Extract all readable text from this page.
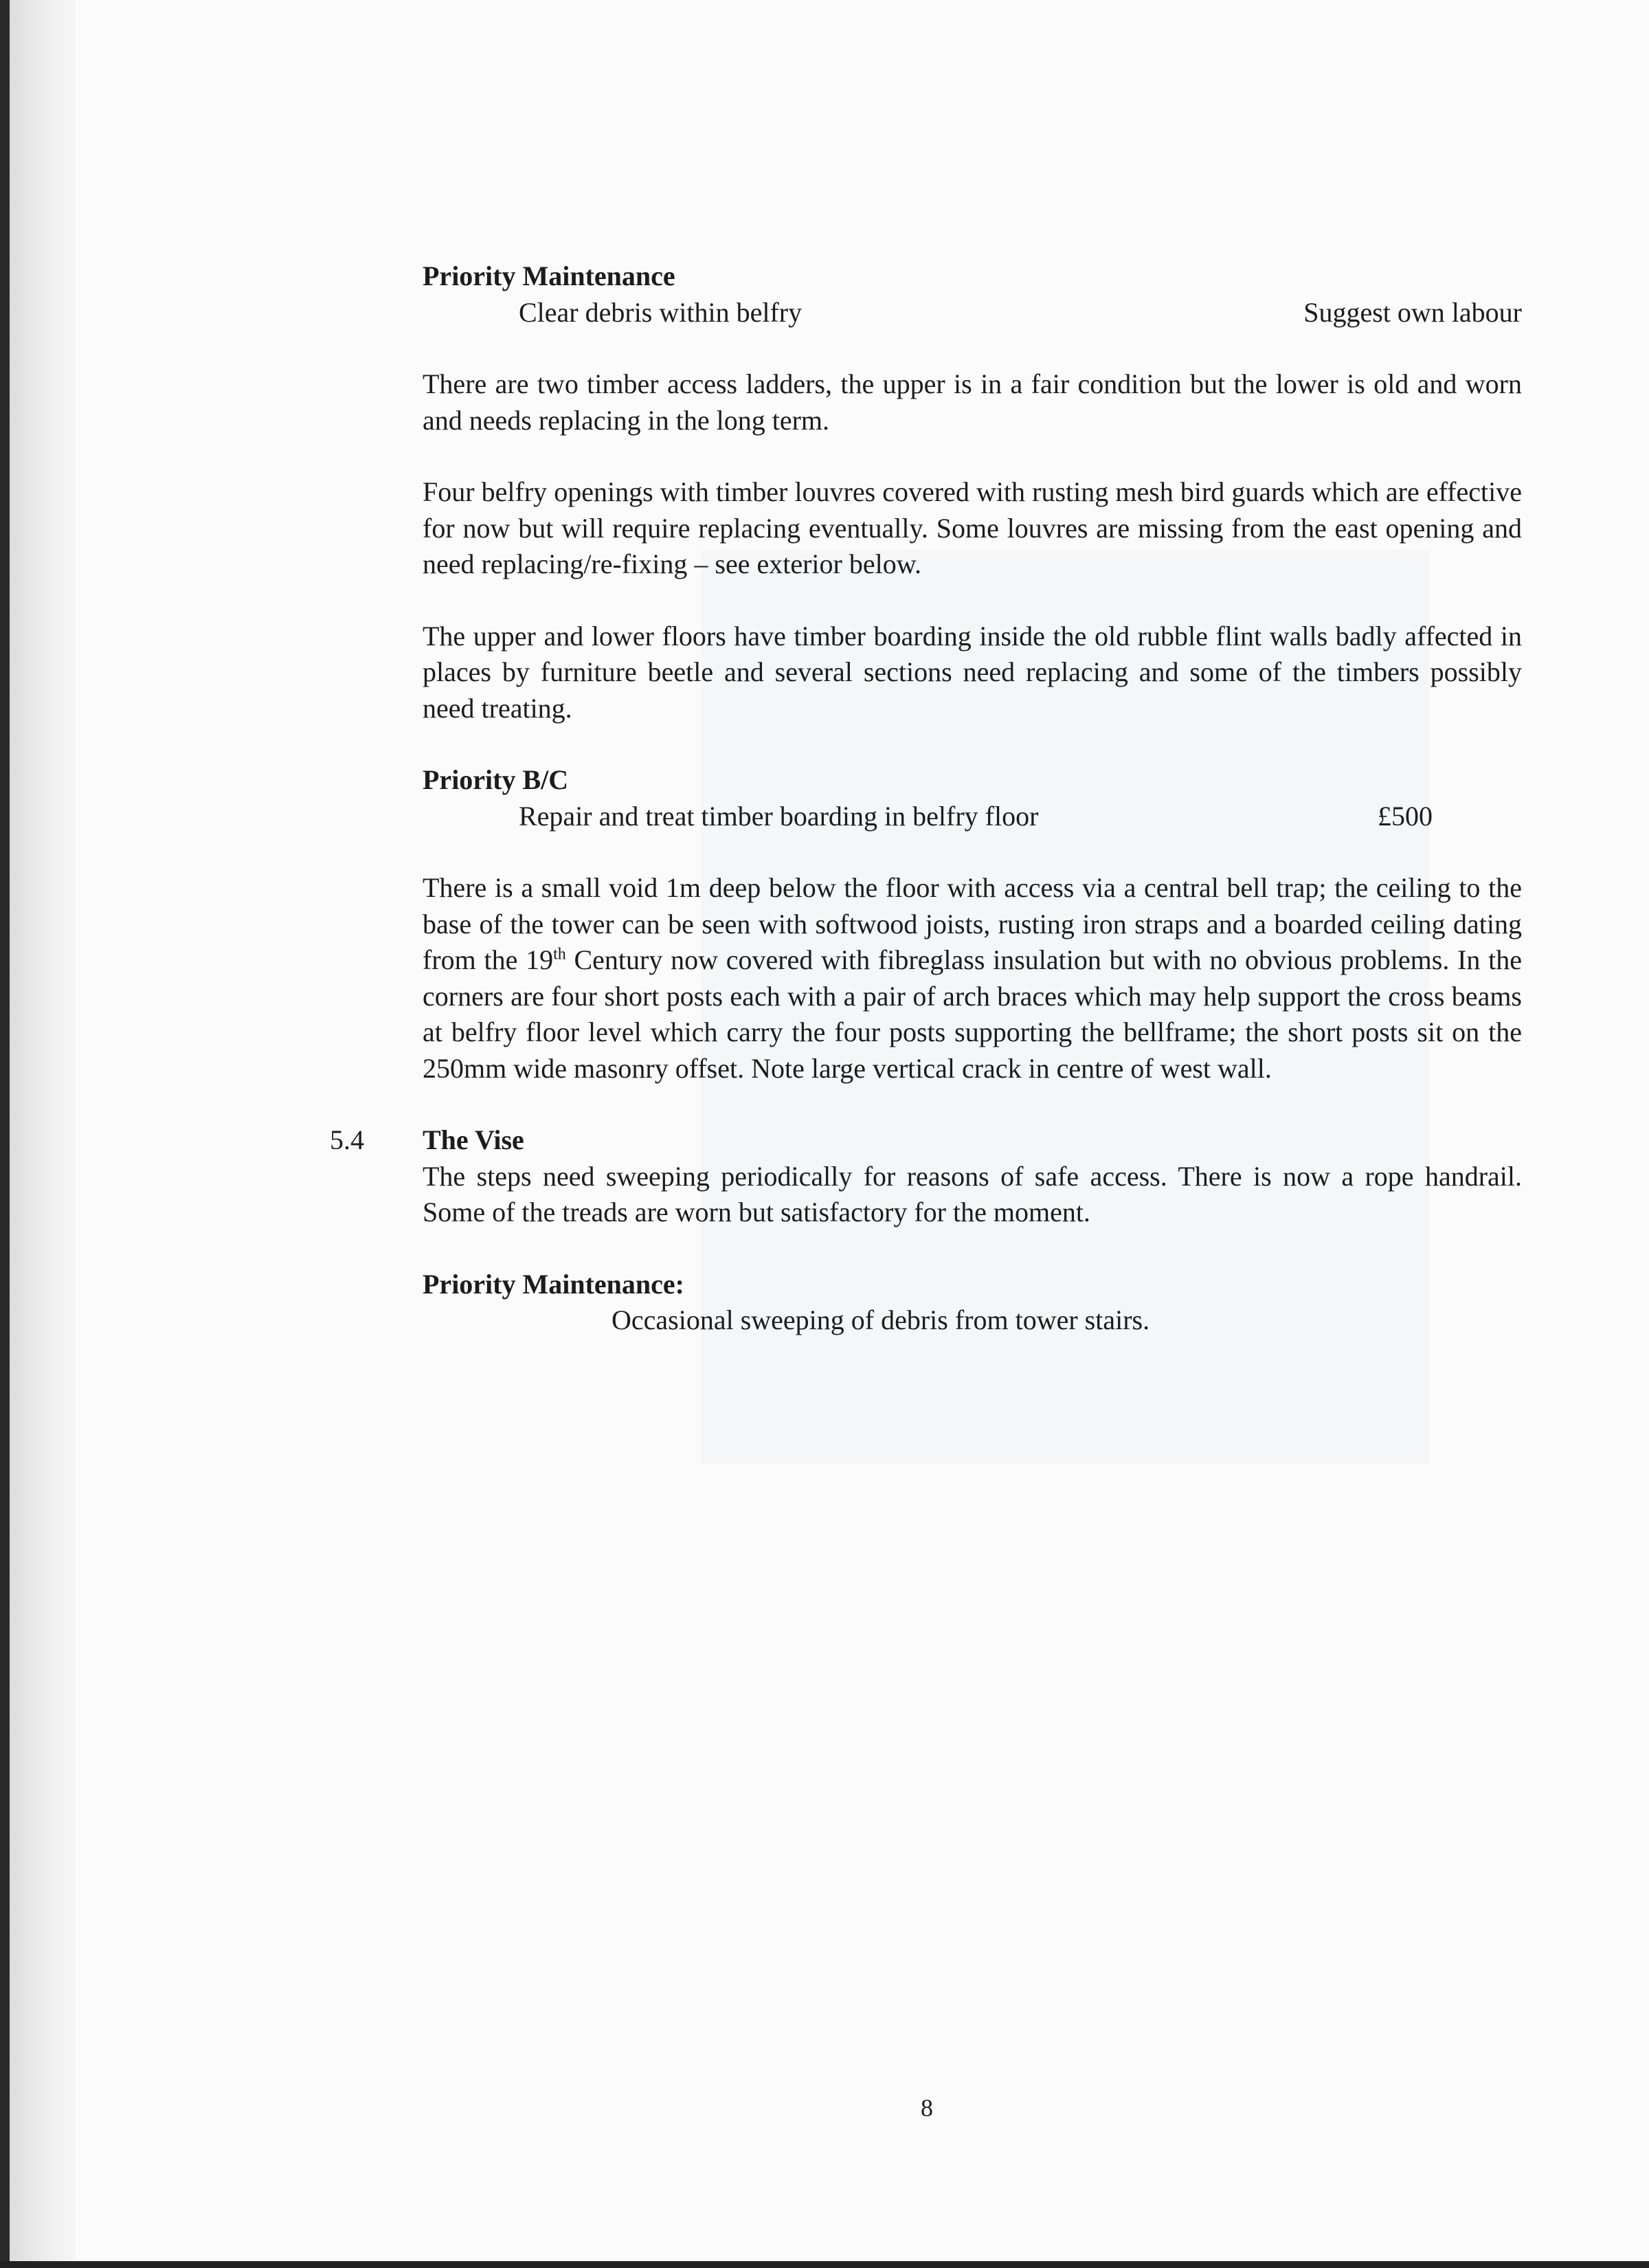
Priority Maintenance
Clear debris within belfry	Suggest own labour

There are two timber access ladders, the upper is in a fair condition but the lower is old and worn and needs replacing in the long term.

Four belfry openings with timber louvres covered with rusting mesh bird guards which are effective for now but will require replacing eventually. Some louvres are missing from the east opening and need replacing/re-fixing – see exterior below.

The upper and lower floors have timber boarding inside the old rubble flint walls badly affected in places by furniture beetle and several sections need replacing and some of the timbers possibly need treating.

Priority B/C
Repair and treat timber boarding in belfry floor	£500

There is a small void 1m deep below the floor with access via a central bell trap; the ceiling to the base of the tower can be seen with softwood joists, rusting iron straps and a boarded ceiling dating from the 19th Century now covered with fibreglass insulation but with no obvious problems. In the corners are four short posts each with a pair of arch braces which may help support the cross beams at belfry floor level which carry the four posts supporting the bellframe; the short posts sit on the 250mm wide masonry offset. Note large vertical crack in centre of west wall.

5.4 The Vise
The steps need sweeping periodically for reasons of safe access. There is now a rope handrail. Some of the treads are worn but satisfactory for the moment.
Priority Maintenance:
Occasional sweeping of debris from tower stairs.
8
